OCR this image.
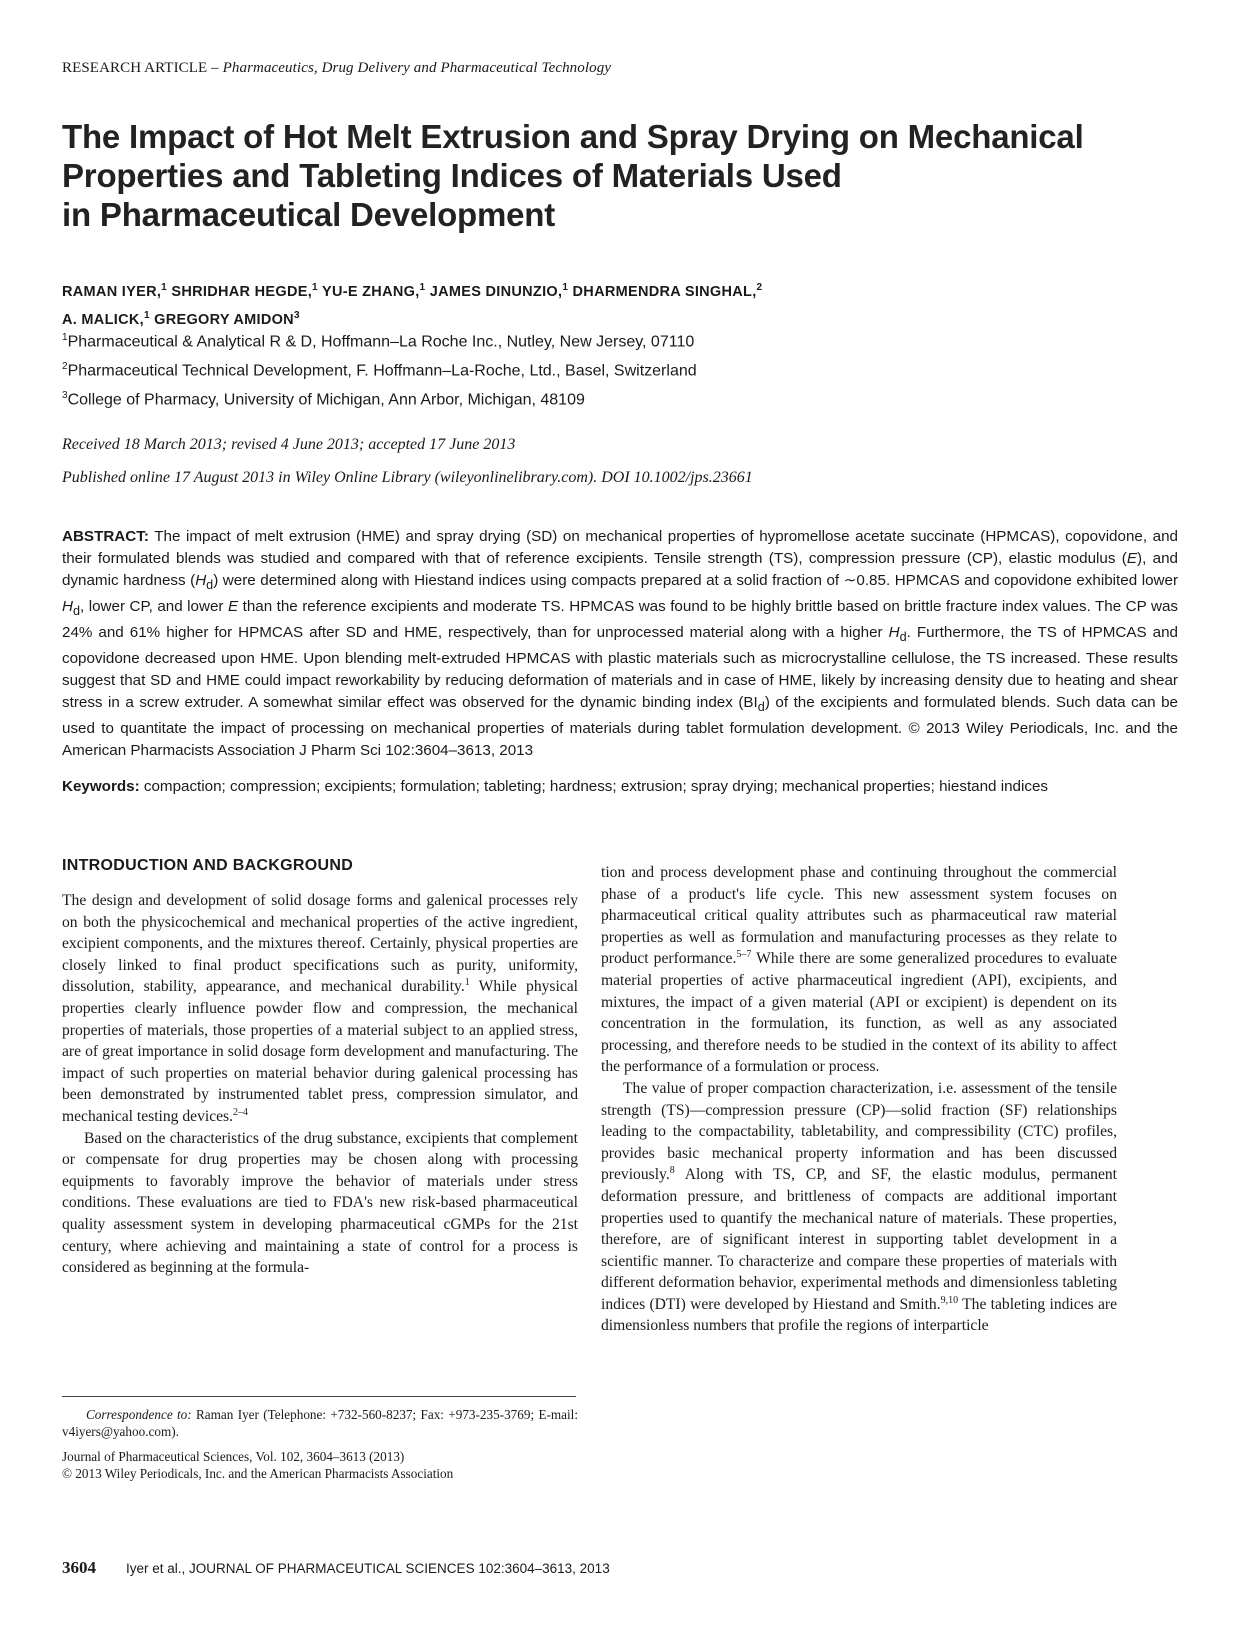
RESEARCH ARTICLE – Pharmaceutics, Drug Delivery and Pharmaceutical Technology
The Impact of Hot Melt Extrusion and Spray Drying on Mechanical
Properties and Tableting Indices of Materials Used
in Pharmaceutical Development
RAMAN IYER,$^1$ SHRIDHAR HEGDE,$^1$ YU-E ZHANG,$^1$ JAMES DINUNZIO,$^1$ DHARMENDRA SINGHAL,$^2$
A. MALICK,$^1$ GREGORY AMIDON$^3$
$^1$Pharmaceutical & Analytical R & D, Hoffmann–La Roche Inc., Nutley, New Jersey, 07110
$^2$Pharmaceutical Technical Development, F. Hoffmann–La-Roche, Ltd., Basel, Switzerland
$^3$College of Pharmacy, University of Michigan, Ann Arbor, Michigan, 48109
Received 18 March 2013; revised 4 June 2013; accepted 17 June 2013
Published online 17 August 2013 in Wiley Online Library (wileyonlinelibrary.com). DOI 10.1002/jps.23661

ABSTRACT: The impact of melt extrusion (HME) and spray drying (SD) on mechanical properties of hypromellose acetate succinate (HPMCAS), copovidone, and their formulated blends was studied and compared with that of reference excipients. Tensile strength (TS), compression pressure (CP), elastic modulus (E), and dynamic hardness $(H_d)$ were determined along with Hiestand indices using compacts prepared at a solid fraction of ∼0.85. HPMCAS and copovidone exhibited lower $H_d$, lower CP, and lower E than the reference excipients and moderate TS. HPMCAS was found to be highly brittle based on brittle fracture index values. The CP was 24% and 61% higher for HPMCAS after SD and HME, respectively, than for unprocessed material along with a higher $H_d$. Furthermore, the TS of HPMCAS and copovidone decreased upon HME. Upon blending melt-extruded HPMCAS with plastic materials such as microcrystalline cellulose, the TS increased. These results suggest that SD and HME could impact reworkability by reducing deformation of materials and in case of HME, likely by increasing density due to heating and shear stress in a screw extruder. A somewhat similar effect was observed for the dynamic binding index $(BI_d)$ of the excipients and formulated blends. Such data can be used to quantitate the impact of processing on mechanical properties of materials during tablet formulation development. © 2013 Wiley Periodicals, Inc. and the American Pharmacists Association J Pharm Sci 102:3604–3613, 2013

Keywords: compaction; compression; excipients; formulation; tableting; hardness; extrusion; spray drying; mechanical properties; hiestand indices

INTRODUCTION AND BACKGROUND

The design and development of solid dosage forms and galenical processes rely on both the physicochemical and mechanical properties of the active ingredient, excipient components, and the mixtures thereof. Certainly, physical properties are closely linked to final product specifications such as purity, uniformity, dissolution, stability, appearance, and mechanical durability.$^1$ While physical properties clearly influence powder flow and compression, the mechanical properties of materials, those properties of a material subject to an applied stress, are of great importance in solid dosage form development and manufacturing. The impact of such properties on material behavior during galenical processing has been demonstrated by instrumented tablet press, compression simulator, and mechanical testing devices.$^{2-4}$

Based on the characteristics of the drug substance, excipients that complement or compensate for drug properties may be chosen along with processing equipments to favorably improve the behavior of materials under stress conditions. These evaluations are tied to FDA's new risk-based pharmaceutical quality assessment system in developing pharmaceutical cGMPs for the 21st century, where achieving and maintaining a state of control for a process is considered as beginning at the formula-

tion and process development phase and continuing throughout the commercial phase of a product's life cycle. This new assessment system focuses on pharmaceutical critical quality attributes such as pharmaceutical raw material properties as well as formulation and manufacturing processes as they relate to product performance.$^{5-7}$ While there are some generalized procedures to evaluate material properties of active pharmaceutical ingredient (API), excipients, and mixtures, the impact of a given material (API or excipient) is dependent on its concentration in the formulation, its function, as well as any associated processing, and therefore needs to be studied in the context of its ability to affect the performance of a formulation or process.

The value of proper compaction characterization, i.e. assessment of the tensile strength (TS)—compression pressure (CP)—solid fraction (SF) relationships leading to the compactability, tabletability, and compressibility (CTC) profiles, provides basic mechanical property information and has been discussed previously.$^8$ Along with TS, CP, and SF, the elastic modulus, permanent deformation pressure, and brittleness of compacts are additional important properties used to quantify the mechanical nature of materials. These properties, therefore, are of significant interest in supporting tablet development in a scientific manner. To characterize and compare these properties of materials with different deformation behavior, experimental methods and dimensionless tableting indices (DTI) were developed by Hiestand and Smith.$^{9,10}$ The tableting indices are dimensionless numbers that profile the regions of interparticle

Correspondence to: Raman Iyer (Telephone: +732-560-8237; Fax: +973-235-3769; E-mail: v4iyers@yahoo.com).
Journal of Pharmaceutical Sciences, Vol. 102, 3604–3613 (2013)
© 2013 Wiley Periodicals, Inc. and the American Pharmacists Association
3604 Iyer et al., JOURNAL OF PHARMACEUTICAL SCIENCES 102:3604–3613, 2013
